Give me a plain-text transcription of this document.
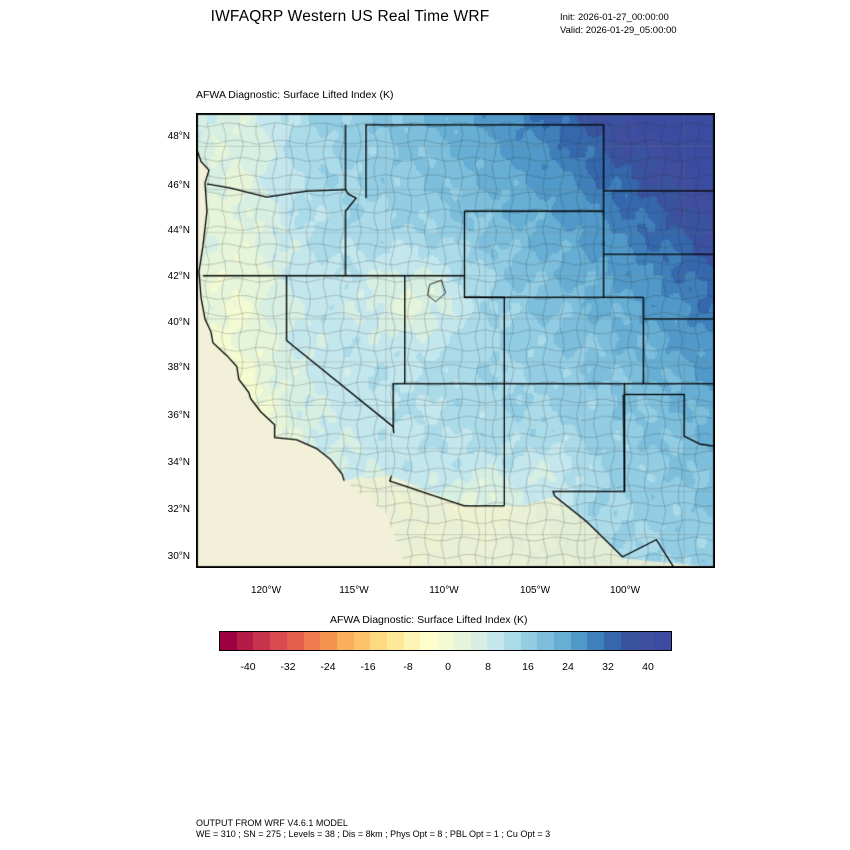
IWFAQRP Western US Real Time WRF	Init: 2026-01-27_00:00:00
Valid: 2026-01-29_05:00:00
AFWA Diagnostic: Surface Lifted Index (K)
30°N
32°N
34°N
36°N
38°N
40°N
42°N
44°N
46°N
48°N
120°W	115°W	110°W	105°W	100°W
AFWA Diagnostic: Surface Lifted Index (K)
-40	-32	-24	-16	-8	0	8	16	24	32	40
OUTPUT FROM WRF V4.6.1 MODEL
WE = 310 ; SN = 275 ; Levels = 38 ; Dis = 8km ; Phys Opt = 8 ; PBL Opt = 1 ; Cu Opt = 3
